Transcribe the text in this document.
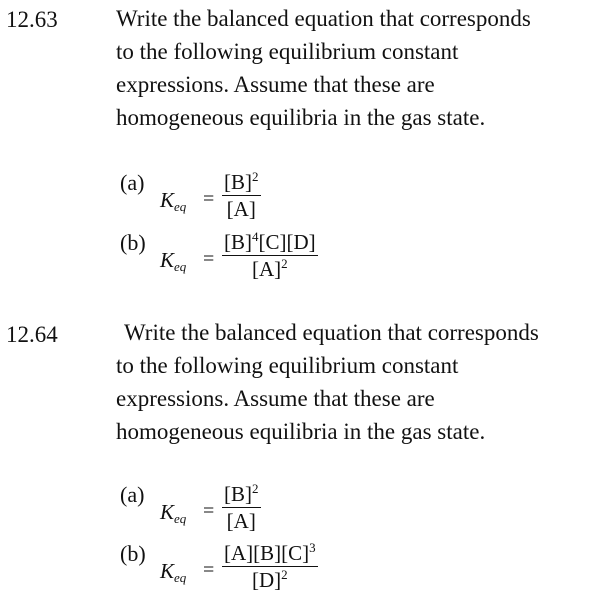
12.63	Write the balanced equation that corresponds
to the following equilibrium constant
expressions. Assume that these are
homogeneous equilibria in the gas state.
(a)
$K_{eq}$ =
$[B]^2$
[A]
(b)
$K_{eq}$ =
$[B]^4[C][D]$
$[A]^2$
12.64	Write the balanced equation that corresponds
to the following equilibrium constant
expressions. Assume that these are
homogeneous equilibria in the gas state.
(a)
$K_{eq}$ =
$[B]^2$
[A]
(b)
$K_{eq}$ =
$[A][B][C]^3$
$[D]^2$
